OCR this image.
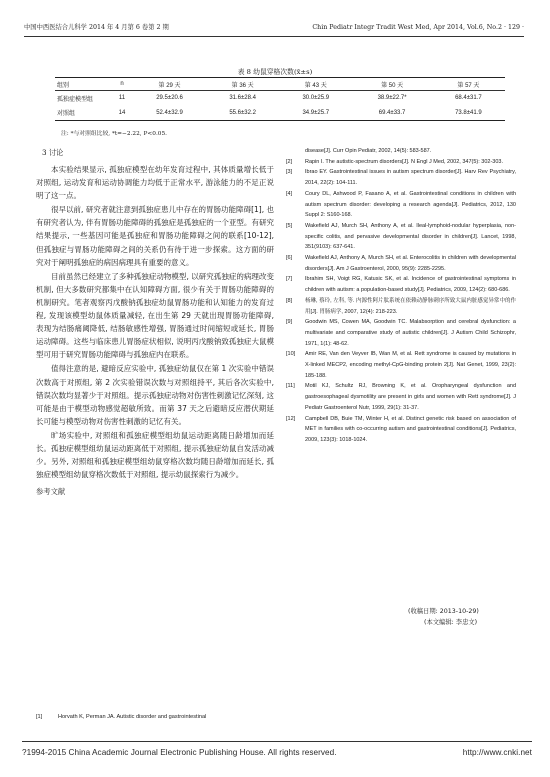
中国中西医结合儿科学 2014 年 4 月第 6 卷第 2 期	Chin Pediatr Integr Tradit West Med, Apr 2014, Vol.6, No.2 · 129 ·
表 8 幼鼠穿格次数(x̄±s)
组别	n	第 29 天	第 36 天	第 43 天	第 50 天	第 57 天
孤独症模型组	11	29.5±20.6	31.6±28.4	30.0±25.9	38.9±22.7*	68.4±31.7
对照组	14	52.4±32.9	55.6±32.2	34.9±25.7	69.4±33.7	73.8±41.9
注: *与对照组比较, *t=−2.22, P<0.05.
3 讨论

本实验结果显示, 孤独症模型在幼年发育过程中, 其体质量增长低于对照组, 运动发育和运动协调能力均低于正常水平, 游泳能力的不足正说明了这一点。

很早以前, 研究者就注意到孤独症患儿中存在的胃肠功能障碍[1], 也有研究者认为, 伴有胃肠功能障碍的孤独症是孤独症的一个亚型。有研究结果提示, 一些基因可能是孤独症和胃肠功能障碍之间的联系[10-12], 但孤独症与胃肠功能障碍之间的关系仍有待于进一步探索。这方面的研究对于阐明孤独症的病因病理具有重要的意义。

目前虽然已经建立了多种孤独症动物模型, 以研究孤独症的病理改变机制, 但大多数研究都集中在认知障碍方面, 很少有关于胃肠功能障碍的机制研究。笔者观察丙戊酸钠孤独症幼鼠胃肠功能和认知能力的发育过程, 发现该模型幼鼠体质量减轻, 在出生第 29 天就出现胃肠功能障碍, 表现为结肠痛阈降低, 结肠敏感性增强, 胃肠通过时间缩短或延长, 胃肠运动障碍。这些与临床患儿胃肠症状相似, 说明丙戊酸钠致孤独症大鼠模型可用于研究胃肠功能障碍与孤独症内在联系。

值得注意的是, 避暗反应实验中, 孤独症幼鼠仅在第 1 次实验中错误次数高于对照组, 第 2 次实验错误次数与对照组持平, 其后各次实验中, 错误次数均显著少于对照组。提示孤独症动物对伤害性刺激记忆深刻, 这可能是由于模型动物感觉超敏所致。而第 37 天之后避暗反应潜伏期延长可能与模型动物对伤害性刺激的记忆有关。

旷场实验中, 对照组和孤独症模型组幼鼠运动距离随日龄增加而延长。孤独症模型组幼鼠运动距离低于对照组, 提示孤独症幼鼠自发活动减少。另外, 对照组和孤独症模型组幼鼠穿格次数均随日龄增加而延长, 孤独症模型组幼鼠穿格次数低于对照组, 提示幼鼠探索行为减少。

参考文献
[1]	Horvath K, Perman JA. Autistic disorder and gastrointestinal
disease[J]. Curr Opin Pediatr, 2002, 14(5): 583-587.
[2] Rapin I. The autistic-spectrum disorders[J]. N Engl J Med, 2002, 347(5): 302-303.
[3] Ibrao EY. Gastrointestinal issues in autism spectrum disorder[J]. Harv Rev Psychiatry, 2014, 22(2): 104-111.
[4] Coury DL, Ashwood P, Fasano A, et al. Gastrointestinal conditions in children with autism spectrum disorder: developing a research agenda[J]. Pediatrics, 2012, 130 Suppl 2: S160-168.
[5] Wakefield AJ, Murch SH, Anthony A, et al. Ileal-lymphoid-nodular hyperplasia, non-specific colitis, and pervasive developmental disorder in children[J]. Lancet, 1998, 351(9103): 637-641.
[6] Wakefield AJ, Anthony A, Murch SH, et al. Enterocolitis in children with developmental disorders[J]. Am J Gastroenterol, 2000, 95(9): 2285-2295.
[7] Ibrahim SH, Voigt RG, Katusic SK, et al. Incidence of gastrointestinal symptoms in children with autism: a population-based study[J]. Pediatrics, 2009, 124(2): 680-686.
[8] 杨琳, 蔡玲, 左科, 等. 内源性阿片肽系统在依赖动静脉刺序所致大鼠内脏感觉异常中的作用[J]. 胃肠病学, 2007, 12(4): 218-223.
[9] Goodwin MS, Cowen MA, Goodwin TC. Malabsorption and cerebral dysfunction: a multivariate and comparative study of autistic children[J]. J Autism Child Schizophr, 1971, 1(1): 48-62.
[10] Amir RE, Van den Veyver IB, Wan M, et al. Rett syndrome is caused by mutations in X-linked MECP2, encoding methyl-CpG-binding protein 2[J]. Nat Genet, 1999, 23(2): 185-188.
[11] Motil KJ, Schultz RJ, Browning K, et al. Oropharyngeal dysfunction and gastroesophageal dysmotility are present in girls and women with Rett syndrome[J]. J Pediatr Gastroenterol Nutr, 1999, 29(1): 31-37.
[12] Campbell DB, Buie TM, Winter H, et al. Distinct genetic risk based on association of MET in families with co-occurring autism and gastrointestinal conditions[J]. Pediatrics, 2009, 123(3): 1018-1024.
(收稿日期: 2013-10-29)
(本文编辑: 李忠文)
?1994-2015 China Academic Journal Electronic Publishing House. All rights reserved.	http://www.cnki.net
